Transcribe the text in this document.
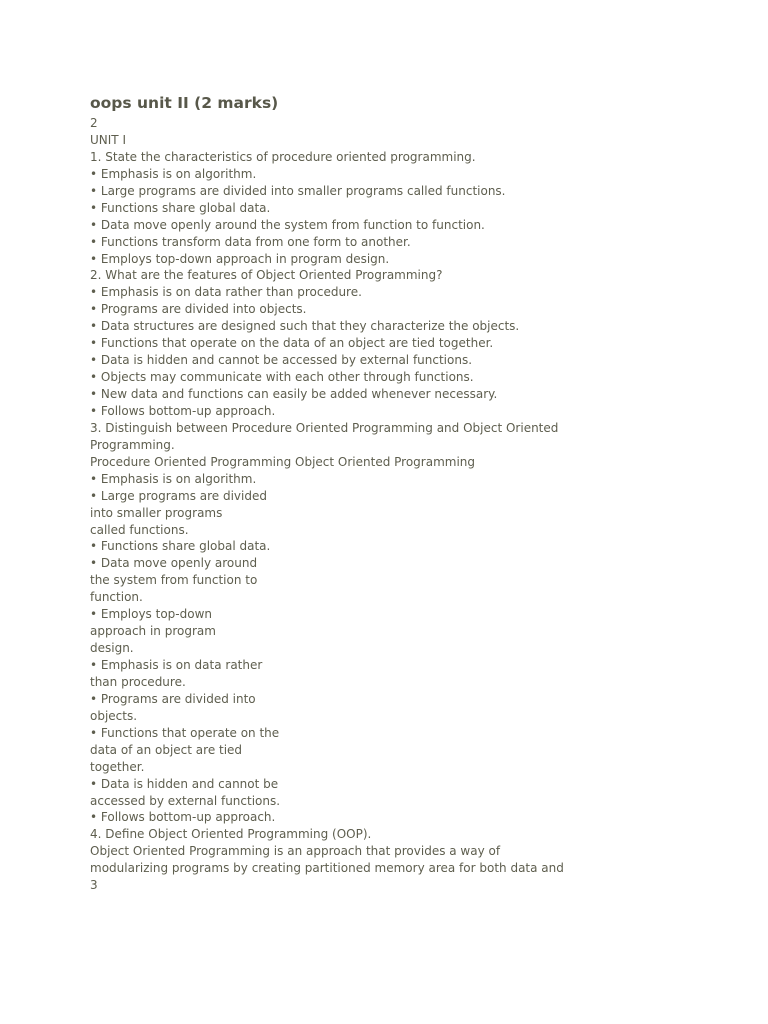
oops unit II (2 marks)
2
UNIT I
1. State the characteristics of procedure oriented programming.
• Emphasis is on algorithm.
• Large programs are divided into smaller programs called functions.
• Functions share global data.
• Data move openly around the system from function to function.
• Functions transform data from one form to another.
• Employs top-down approach in program design.
2. What are the features of Object Oriented Programming?
• Emphasis is on data rather than procedure.
• Programs are divided into objects.
• Data structures are designed such that they characterize the objects.
• Functions that operate on the data of an object are tied together.
• Data is hidden and cannot be accessed by external functions.
• Objects may communicate with each other through functions.
• New data and functions can easily be added whenever necessary.
• Follows bottom-up approach.
3. Distinguish between Procedure Oriented Programming and Object Oriented
Programming.
Procedure Oriented Programming Object Oriented Programming
• Emphasis is on algorithm.
• Large programs are divided
into smaller programs
called functions.
• Functions share global data.
• Data move openly around
the system from function to
function.
• Employs top-down
approach in program
design.
• Emphasis is on data rather
than procedure.
• Programs are divided into
objects.
• Functions that operate on the
data of an object are tied
together.
• Data is hidden and cannot be
accessed by external functions.
• Follows bottom-up approach.
4. Define Object Oriented Programming (OOP).
Object Oriented Programming is an approach that provides a way of
modularizing programs by creating partitioned memory area for both data and
3
